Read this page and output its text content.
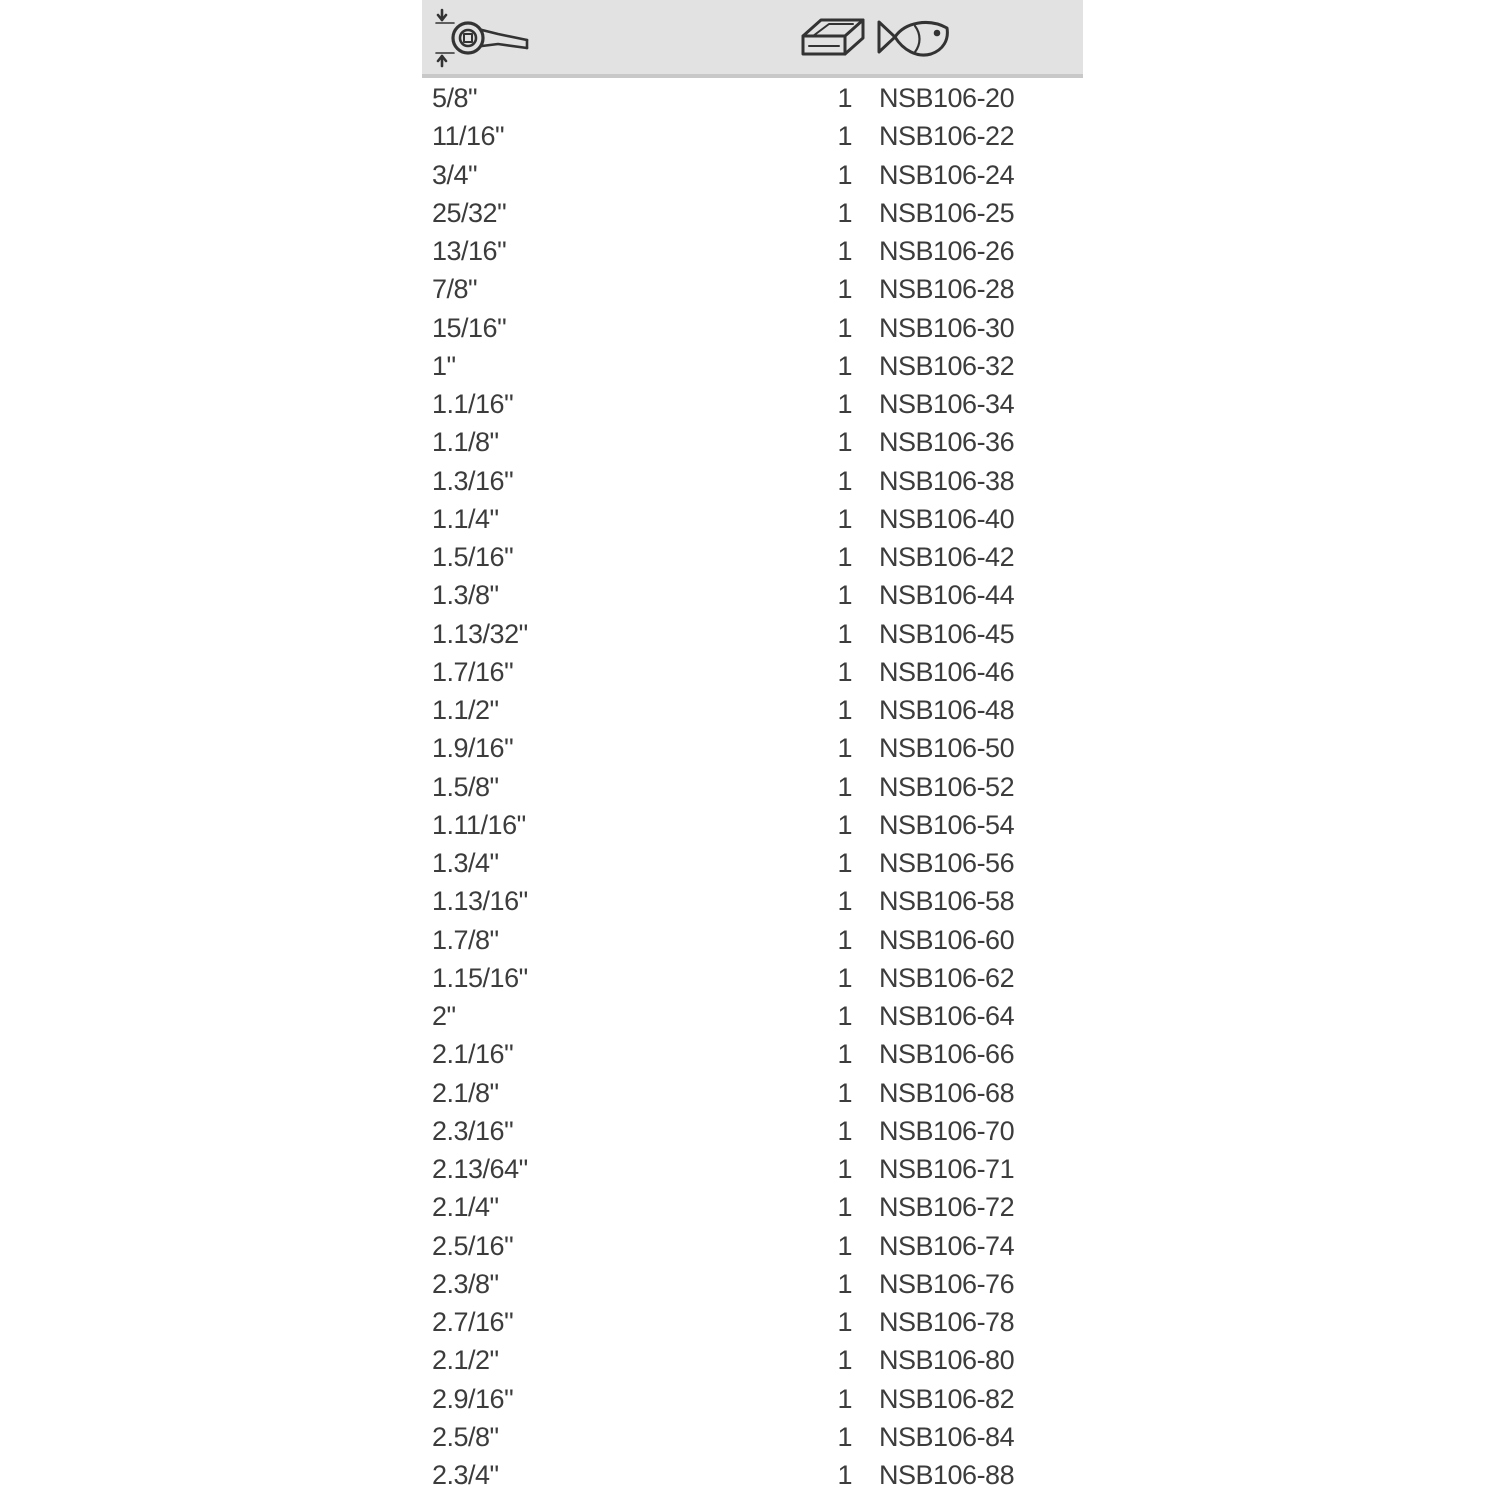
5/8"	1 NSB106-20
11/16"	1 NSB106-22
3/4"	1 NSB106-24
25/32"	1 NSB106-25
13/16"	1 NSB106-26
7/8"	1 NSB106-28
15/16"	1 NSB106-30
1"	1 NSB106-32
1.1/16"	1 NSB106-34
1.1/8"	1 NSB106-36
1.3/16"	1 NSB106-38
1.1/4"	1 NSB106-40
1.5/16"	1 NSB106-42
1.3/8"	1 NSB106-44
1.13/32"	1 NSB106-45
1.7/16"	1 NSB106-46
1.1/2"	1 NSB106-48
1.9/16"	1 NSB106-50
1.5/8"	1 NSB106-52
1.11/16"	1 NSB106-54
1.3/4"	1 NSB106-56
1.13/16"	1 NSB106-58
1.7/8"	1 NSB106-60
1.15/16"	1 NSB106-62
2"	1 NSB106-64
2.1/16"	1 NSB106-66
2.1/8"	1 NSB106-68
2.3/16"	1 NSB106-70
2.13/64"	1 NSB106-71
2.1/4"	1 NSB106-72
2.5/16"	1 NSB106-74
2.3/8"	1 NSB106-76
2.7/16"	1 NSB106-78
2.1/2"	1 NSB106-80
2.9/16"	1 NSB106-82
2.5/8"	1 NSB106-84
2.3/4"	1 NSB106-88
